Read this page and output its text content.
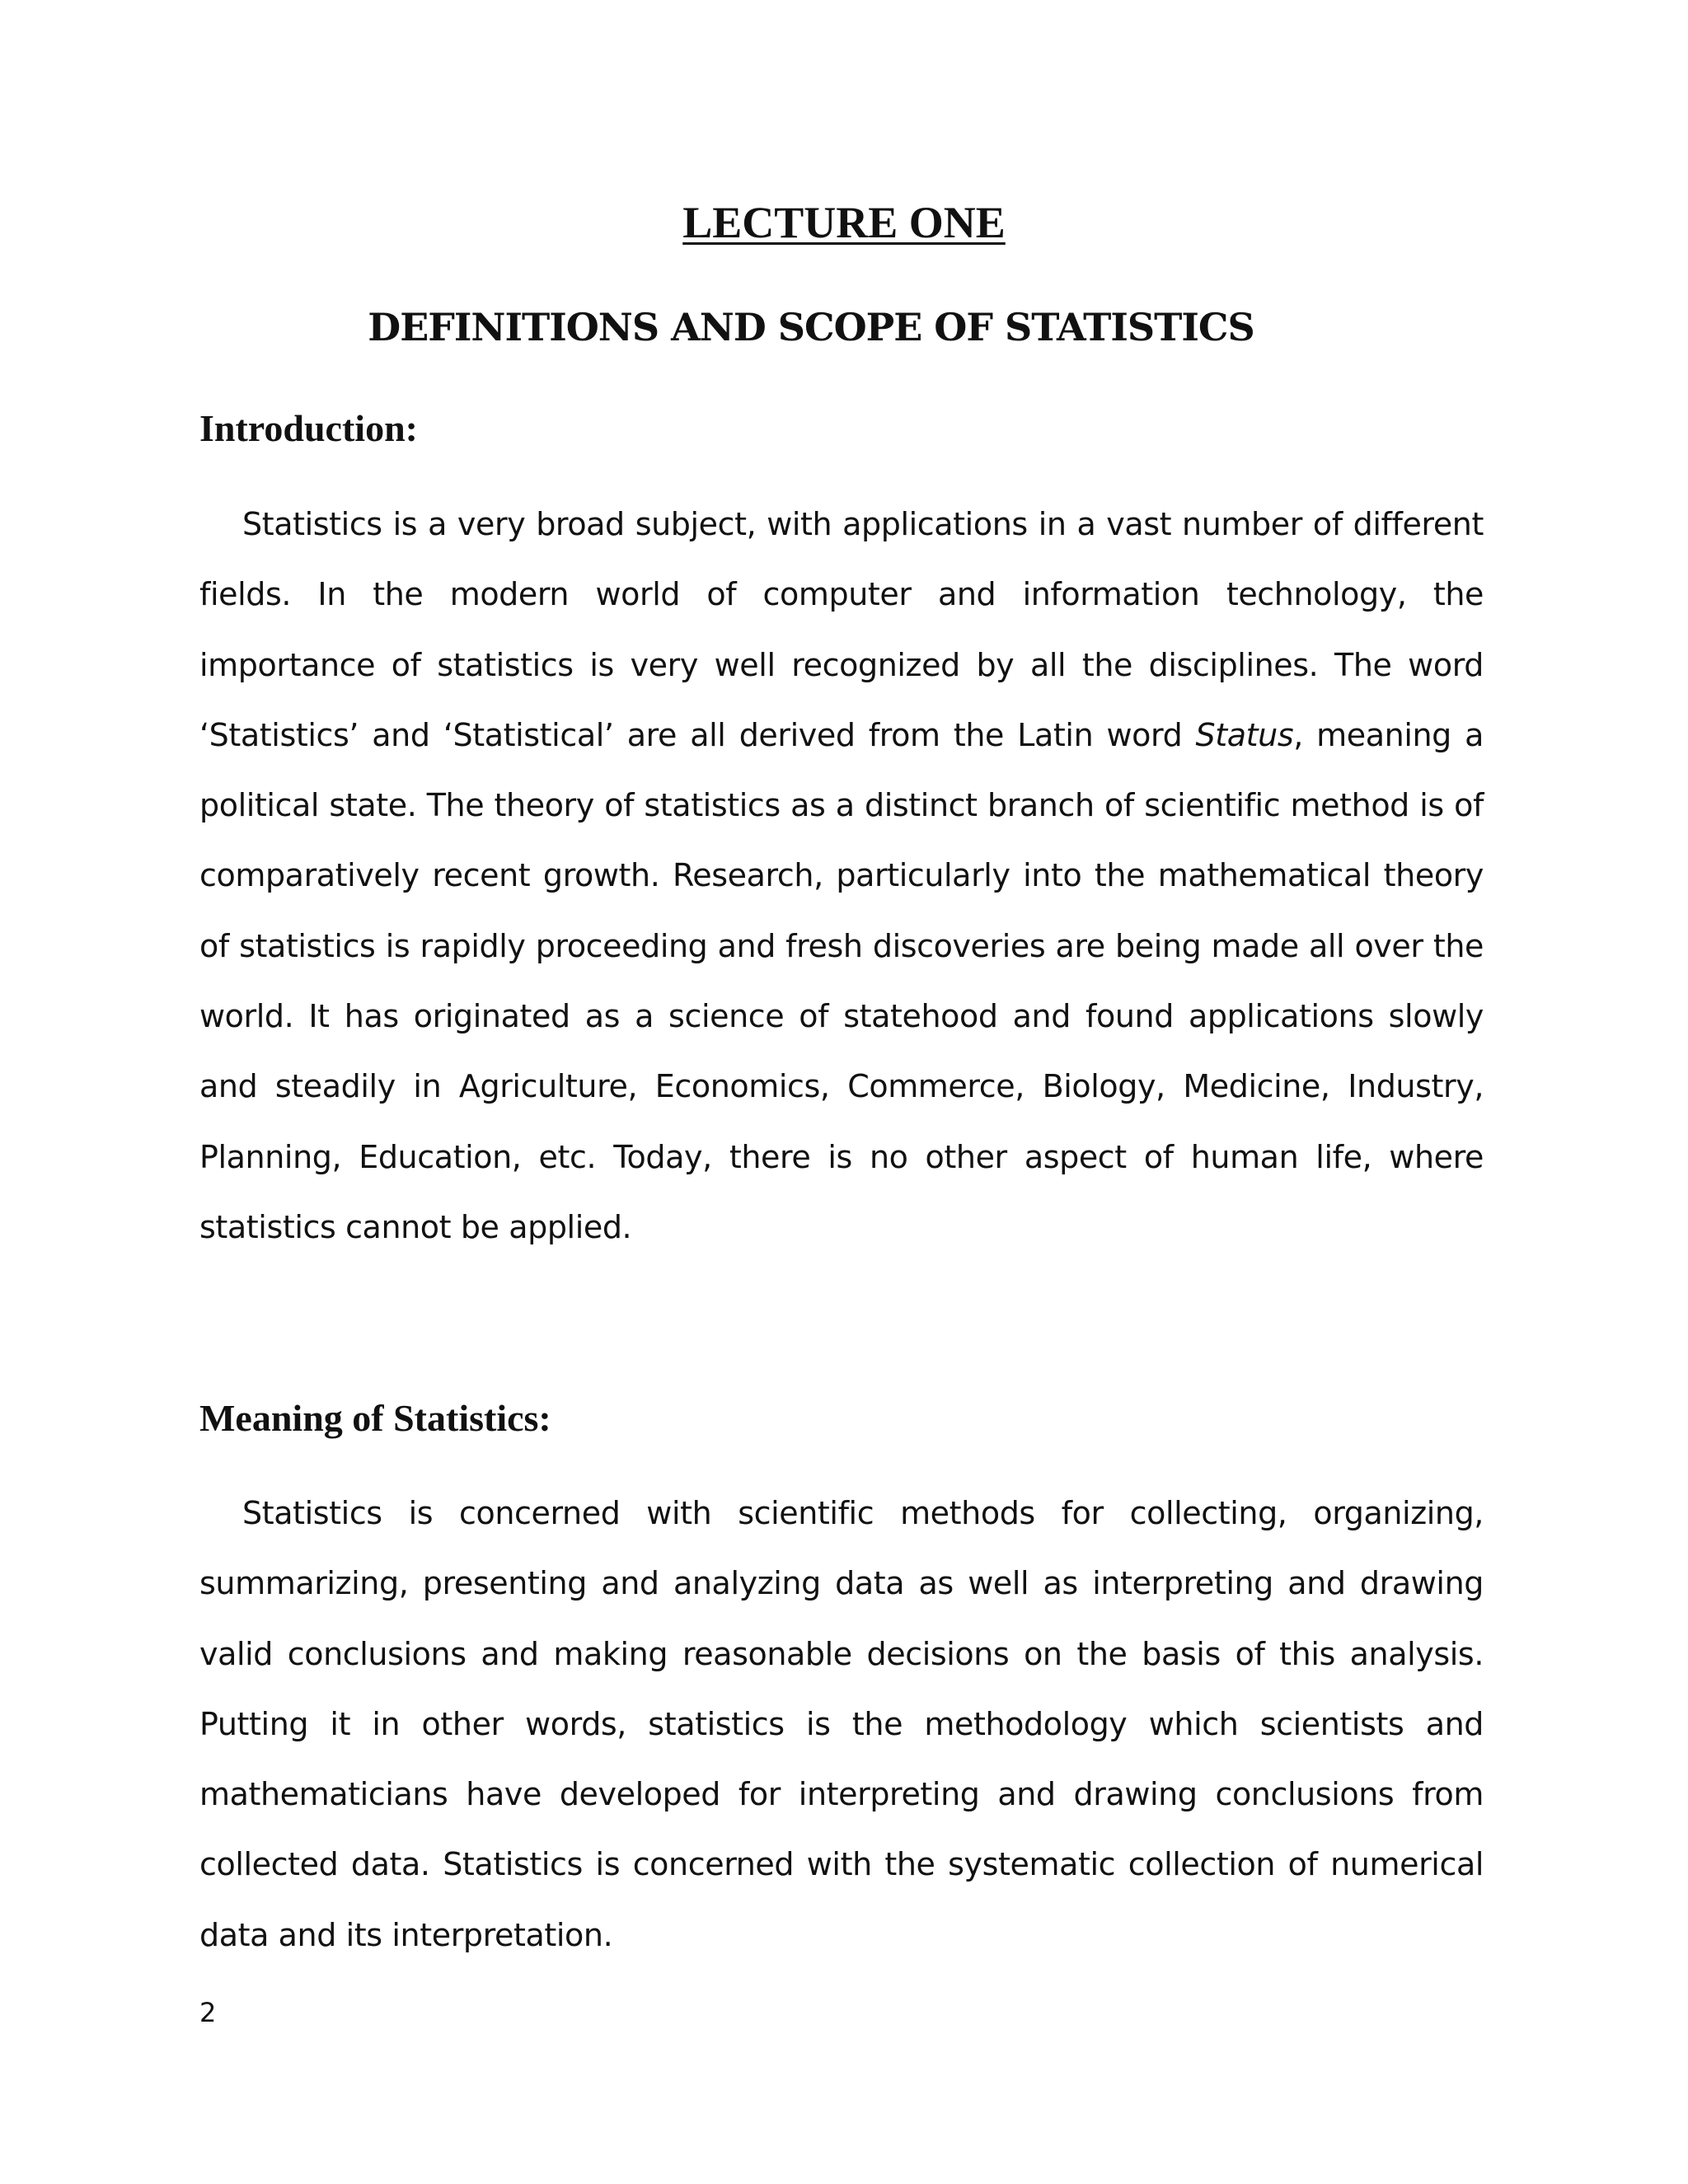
LECTURE ONE
DEFINITIONS AND SCOPE OF STATISTICS
Introduction:

Statistics is a very broad subject, with applications in a vast number of different fields. In the modern world of computer and information technology, the importance of statistics is very well recognized by all the disciplines. The word ‘Statistics’ and ‘Statistical’ are all derived from the Latin word Status, meaning a political state. The theory of statistics as a distinct branch of scientific method is of comparatively recent growth. Research, particularly into the mathematical theory of statistics is rapidly proceeding and fresh discoveries are being made all over the world. It has originated as a science of statehood and found applications slowly and steadily in Agriculture, Economics, Commerce, Biology, Medicine, Industry, Planning, Education, etc. Today, there is no other aspect of human life, where statistics cannot be applied.

Meaning of Statistics:

Statistics is concerned with scientific methods for collecting, organizing, summarizing, presenting and analyzing data as well as interpreting and drawing valid conclusions and making reasonable decisions on the basis of this analysis. Putting it in other words, statistics is the methodology which scientists and mathematicians have developed for interpreting and drawing conclusions from collected data. Statistics is concerned with the systematic collection of numerical data and its interpretation.

2
